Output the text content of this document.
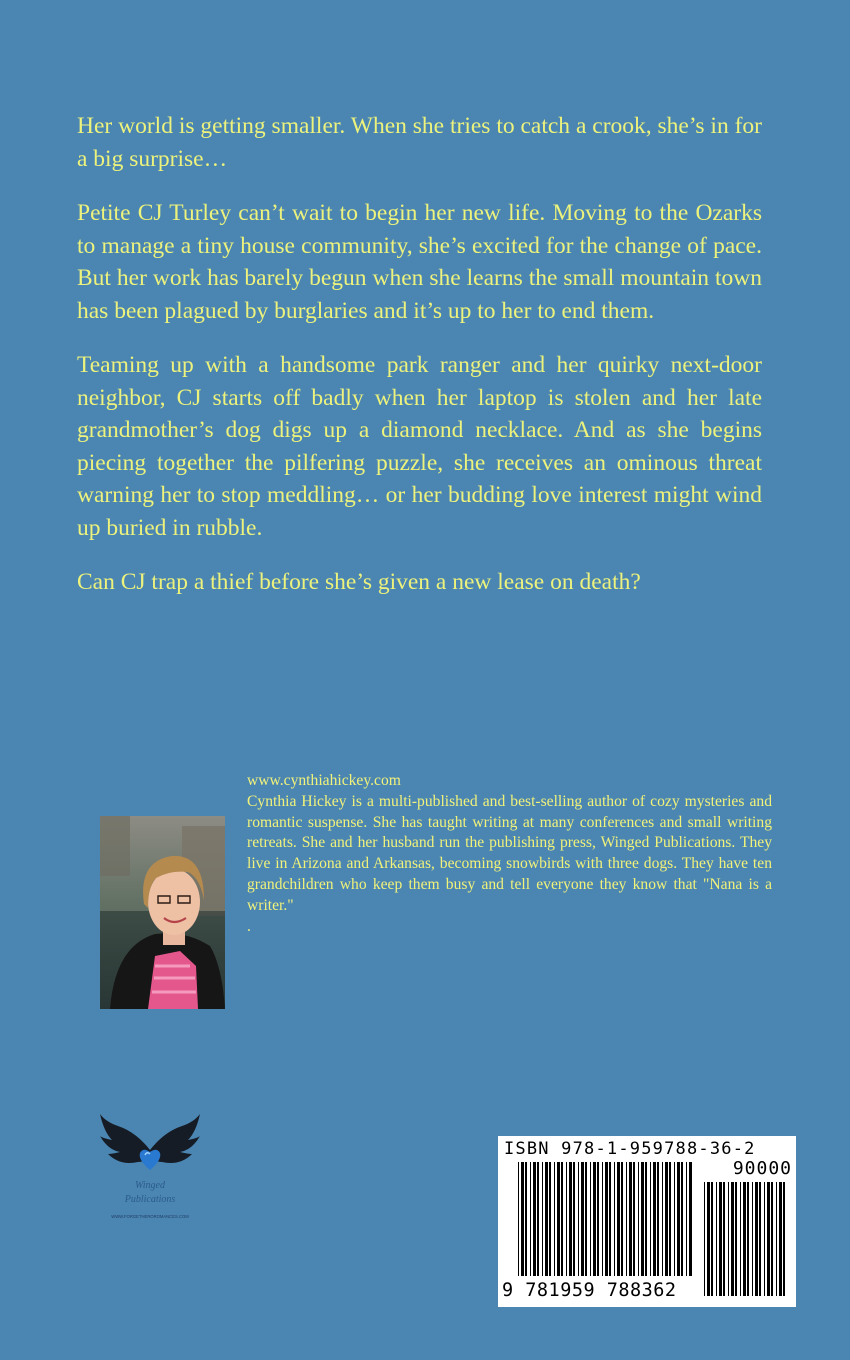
Her world is getting smaller. When she tries to catch a crook, she’s in for a big surprise…

Petite CJ Turley can’t wait to begin her new life. Moving to the Ozarks to manage a tiny house community, she’s excited for the change of pace. But her work has barely begun when she learns the small mountain town has been plagued by burglaries and it’s up to her to end them.

Teaming up with a handsome park ranger and her quirky next-door neighbor, CJ starts off badly when her laptop is stolen and her late grandmother’s dog digs up a diamond necklace. And as she begins piecing together the pilfering puzzle, she receives an ominous threat warning her to stop meddling… or her budding love interest might wind up buried in rubble.

Can CJ trap a thief before she’s given a new lease on death?

www.cynthiahickey.com

Cynthia Hickey is a multi-published and best-selling author of cozy mysteries and romantic suspense. She has taught writing at many conferences and small writing retreats. She and her husband run the publishing press, Winged Publications. They live in Arizona and Arkansas, becoming snowbirds with three dogs. They have ten grandchildren who keep them busy and tell everyone they know that "Nana is a writer."

.

Winged
Publications
WWW.FORGETHEROROMANCES.COM
ISBN 978-1-959788-36-2
90000
9 781959 788362
